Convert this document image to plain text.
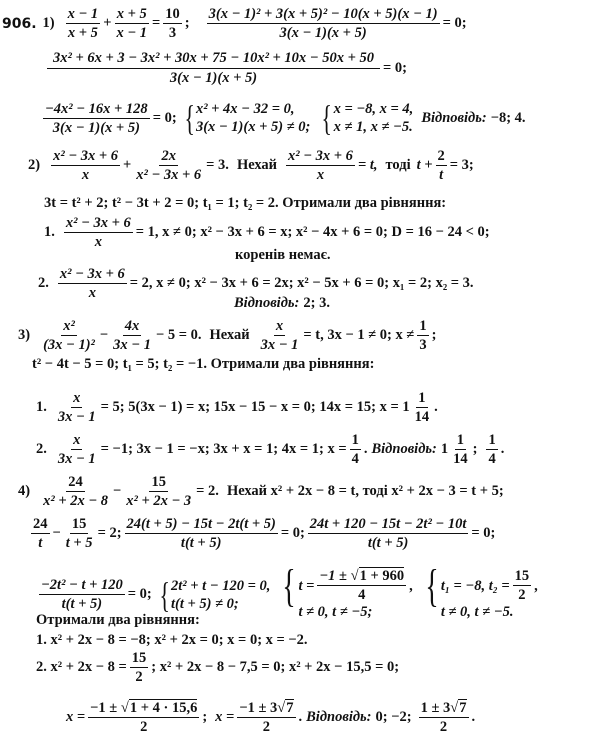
906. $1) \frac{x - 1}{x + 5} + \frac{x + 5}{x - 1} = \frac{10}{3}$ ; $\frac{\text{3(x − 1)² + 3(x + 5)² − 10(x + 5)(x − 1)}}{3(x - 1)(x + 5)} = 0$;
$\frac{\text{3x² + 6x + 3 − 3x² + 30x + 75 − 10x² + 10x − 50x + 50}}{3(x - 1)(x + 5)} = 0$;
$\frac{\text{−4x² − 16x + 128}}{3(x - 1)(x + 5)} = 0$; { x² + 4x − 32 = 0,
3(x − 1)(x + 5) ≠ 0; { x = −8, x = 4,
x ≠ 1, x ≠ −5.
Відповідь: −8; 4.
$2) \frac{\text{x² − 3x + 6}}{x} + \frac{2x}{\text{x² − 3x + 6}} = 3$. Нехай $\frac{\text{x² − 3x + 6}}{x} = t$, тоді $t + \frac{2}{t} = 3$;
3t = t² + 2; t² − 3t + 2 = 0; t₁ = 1; t₂ = 2. Отримали два рівняння:
1. $\frac{\text{x² − 3x + 6}}{x} = 1$, x ≠ 0; x² − 3x + 6 = x; x² − 4x + 6 = 0; D = 16 − 24 < 0;
коренів немає.
2. $\frac{\text{x² − 3x + 6}}{x} = 2$, x ≠ 0; x² − 3x + 6 = 2x; x² − 5x + 6 = 0; x₁ = 2; x₂ = 3.
Відповідь: 2; 3.
$3) \frac{\text{x²}}{\text{(3x − 1)²}} - \frac{4x}{3x - 1} - 5 = 0$. Нехай $\frac{x}{3x - 1} = t$, 3x − 1 ≠ 0; $x \ne \frac{1}{3}$ ;
t² − 4t − 5 = 0; t₁ = 5; t₂ = −1. Отримали два рівняння:
1. $\frac{x}{3x - 1} = 5$; 5(3x − 1) = x; 15x − 15 − x = 0; 14x = 15; $x = 1 \frac{1}{14}$ .
2. $\frac{x}{3x - 1} = -1$; 3x − 1 = −x; 3x + x = 1; 4x = 1; $x = \frac{1}{4}$ . Відповідь: $1 \frac{1}{14}$ ; $\frac{1}{4}$ .
$4) \frac{24}{\text{x² + 2x − 8}} - \frac{15}{\text{x² + 2x − 3}} = 2$. Нехай x² + 2x − 8 = t, тоді x² + 2x − 3 = t + 5;
$\frac{24}{t} - \frac{15}{t + 5} = 2$; $\frac{24(t + 5) - 15t - 2t(t + 5)}{t(t + 5)} = 0$; $\frac{\text{24t + 120 − 15t − 2t² − 10t}}{t(t + 5)} = 0$;
$\frac{\text{−2t² − t + 120}}{t(t + 5)} = 0$; { 2t² + t − 120 = 0,
t(t + 5) ≠ 0; { $t = \frac{-1 \pm √1 + 960}{4}$ ,
t ≠ 0, t ≠ −5;
{ t₁ = −8, $t_2 = \frac{15}{2}$ ,
t ≠ 0, t ≠ −5.
Отримали два рівняння:
1. x² + 2x − 8 = −8; x² + 2x = 0; x = 0; x = −2.
2. $x^2 + 2x - 8 = \frac{15}{2}$ ; x² + 2x − 8 − 7,5 = 0; x² + 2x − 15,5 = 0;
$x = \frac{-1 \pm √1 + 4 \cdot 15,6}{2}$ ; $x = \frac{-1 \pm 3√7}{2}$ . Відповідь: 0; −2; $\frac{1 \pm 3√7}{2}$ .
